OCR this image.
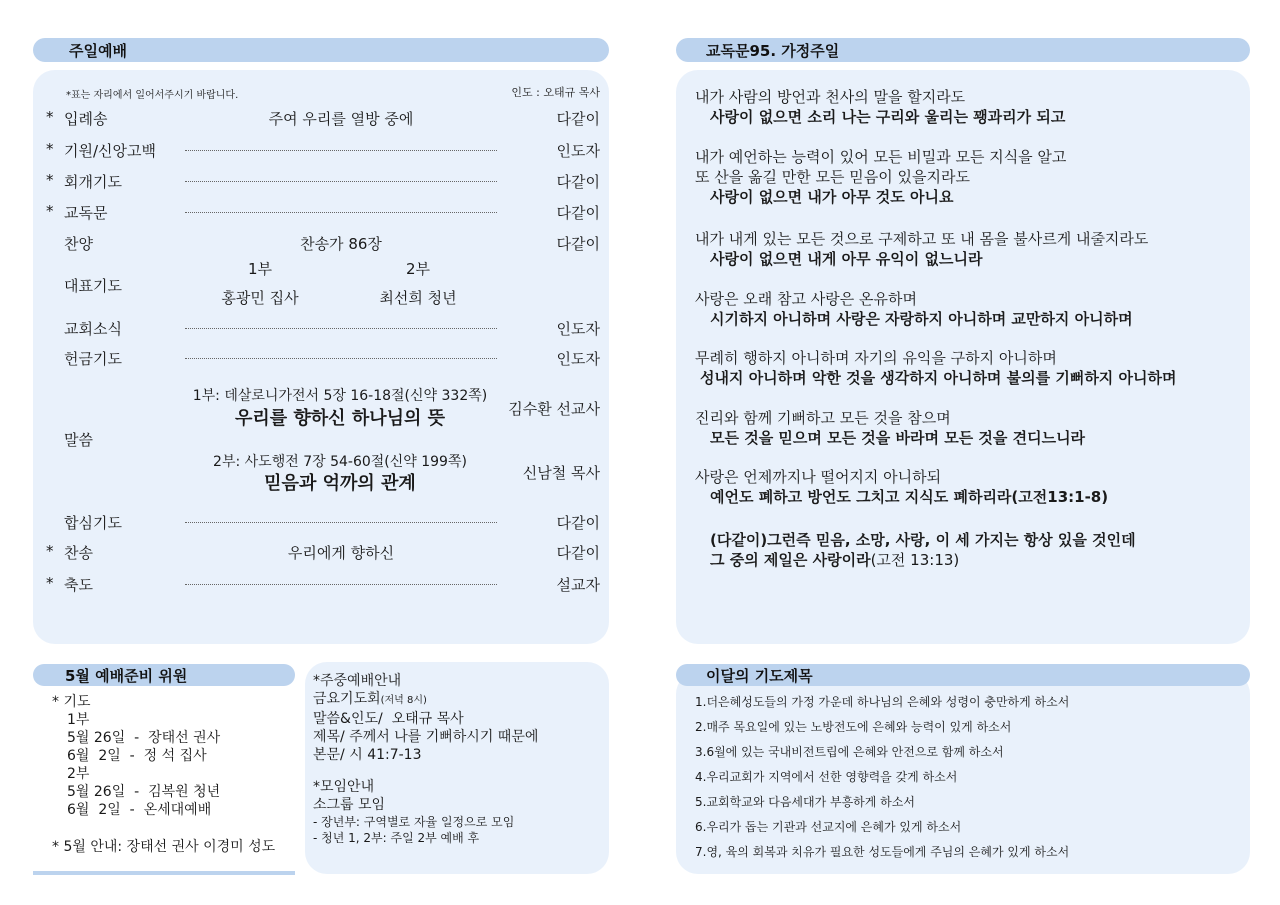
주일예배
*표는 자리에서 일어서주시기 바랍니다.	인도 : 오태규 목사
* 입례송	주여 우리를 열방 중에	다같이
* 기원/신앙고백	인도자
* 회개기도	다같이
* 교독문	다같이
찬양	찬송가 86장	다같이
대표기도
1부	2부
홍광민 집사	최선희 청년
교회소식	인도자
헌금기도	인도자
말씀
1부: 데살로니가전서 5장 16-18절(신약 332쪽)
우리를 향하신 하나님의 뜻	김수환 선교사
2부: 사도행전 7장 54-60절(신약 199쪽)
믿음과 억까의 관계	신남철 목사
합심기도	다같이
* 찬송	우리에게 향하신	다같이
* 축도	설교자
5월 예배준비 위원
* 기도
1부
5월 26일  -  장태선 권사
6월  2일  -  정 석 집사
2부
5월 26일  -  김복원 청년
6월  2일  -  온세대예배
* 5월 안내: 장태선 권사 이경미 성도
*주중예배안내
금요기도회(저녁 8시)
말씀&인도/  오태규 목사
제목/ 주께서 나를 기뻐하시기 때문에
본문/ 시 41:7-13
*모임안내
소그룹 모임
- 장년부: 구역별로 자율 일정으로 모임
- 청년 1, 2부: 주일 2부 예배 후
교독문95. 가정주일
내가 사람의 방언과 천사의 말을 할지라도
사랑이 없으면 소리 나는 구리와 울리는 꽹과리가 되고
내가 예언하는 능력이 있어 모든 비밀과 모든 지식을 알고
또 산을 옮길 만한 모든 믿음이 있을지라도
사랑이 없으면 내가 아무 것도 아니요
내가 내게 있는 모든 것으로 구제하고 또 내 몸을 불사르게 내줄지라도
사랑이 없으면 내게 아무 유익이 없느니라
사랑은 오래 참고 사랑은 온유하며
시기하지 아니하며 사랑은 자랑하지 아니하며 교만하지 아니하며
무례히 행하지 아니하며 자기의 유익을 구하지 아니하며
성내지 아니하며 악한 것을 생각하지 아니하며 불의를 기뻐하지 아니하며
진리와 함께 기뻐하고 모든 것을 참으며
모든 것을 믿으며 모든 것을 바라며 모든 것을 견디느니라
사랑은 언제까지나 떨어지지 아니하되
예언도 폐하고 방언도 그치고 지식도 폐하리라(고전13:1-8)
(다같이)그런즉 믿음, 소망, 사랑, 이 세 가지는 항상 있을 것인데
그 중의 제일은 사랑이라(고전 13:13)
이달의 기도제목
1.더은혜성도들의 가정 가운데 하나님의 은혜와 성령이 충만하게 하소서
2.매주 목요일에 있는 노방전도에 은혜와 능력이 있게 하소서
3.6월에 있는 국내비전트립에 은혜와 안전으로 함께 하소서
4.우리교회가 지역에서 선한 영향력을 갖게 하소서
5.교회학교와 다음세대가 부흥하게 하소서
6.우리가 돕는 기관과 선교지에 은혜가 있게 하소서
7.영, 육의 회복과 치유가 필요한 성도들에게 주님의 은혜가 있게 하소서
